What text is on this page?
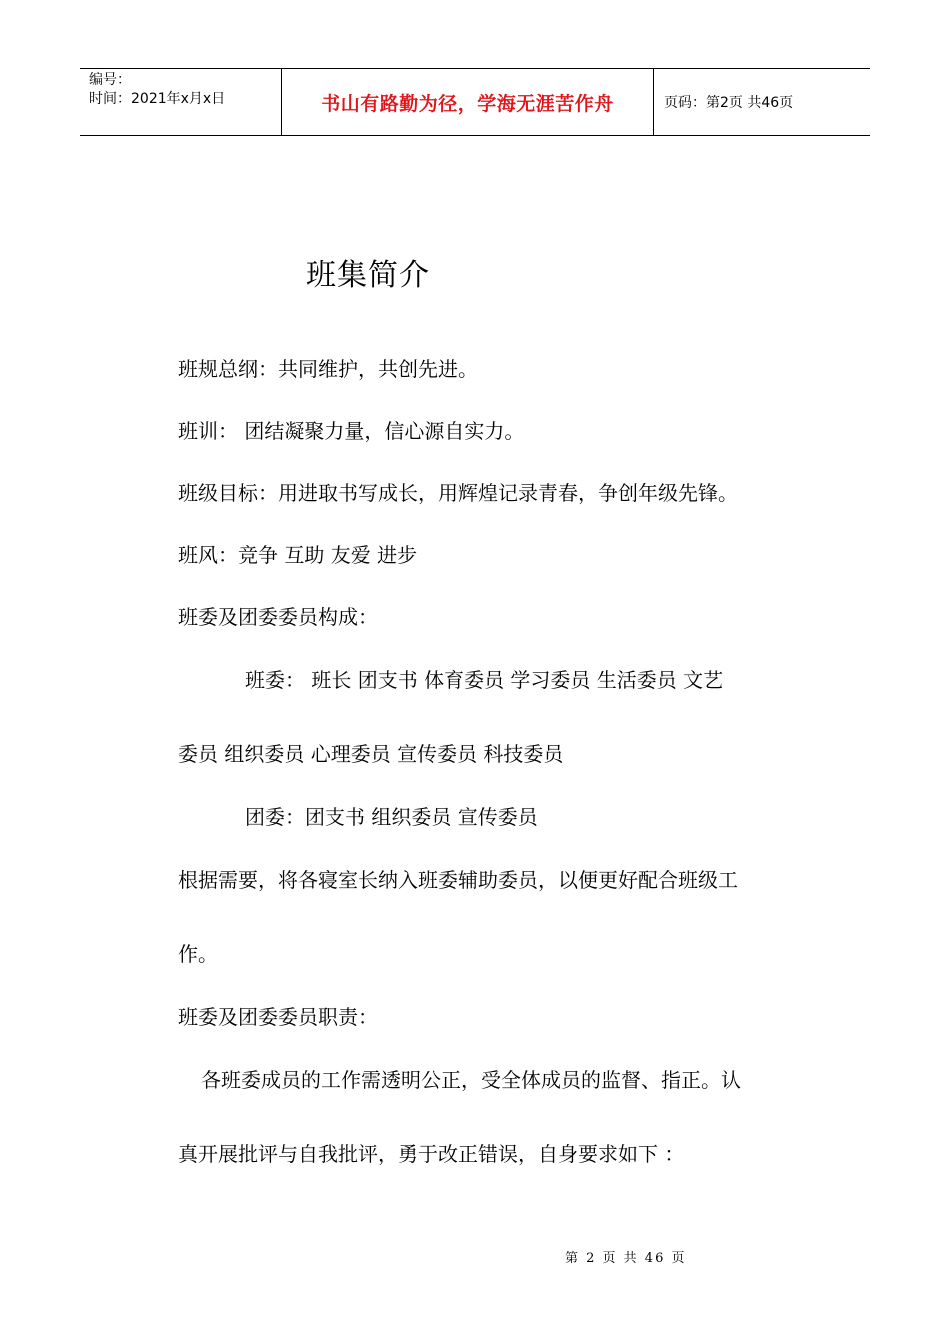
编号：
时间：2021年x月x日	书山有路勤为径，学海无涯苦作舟	页码：第2页 共46页
班集简介
班规总纲：共同维护，共创先进。
班训： 团结凝聚力量，信心源自实力。
班级目标：用进取书写成长，用辉煌记录青春，争创年级先锋。
班风：竞争 互助 友爱 进步
班委及团委委员构成：
班委： 班长 团支书 体育委员 学习委员 生活委员 文艺
委员 组织委员 心理委员 宣传委员 科技委员
团委：团支书 组织委员 宣传委员
根据需要，将各寝室长纳入班委辅助委员，以便更好配合班级工
作。
班委及团委委员职责：
各班委成员的工作需透明公正，受全体成员的监督、指正。认
真开展批评与自我批评，勇于改正错误，自身要求如下 ：
第 2 页 共 46 页
